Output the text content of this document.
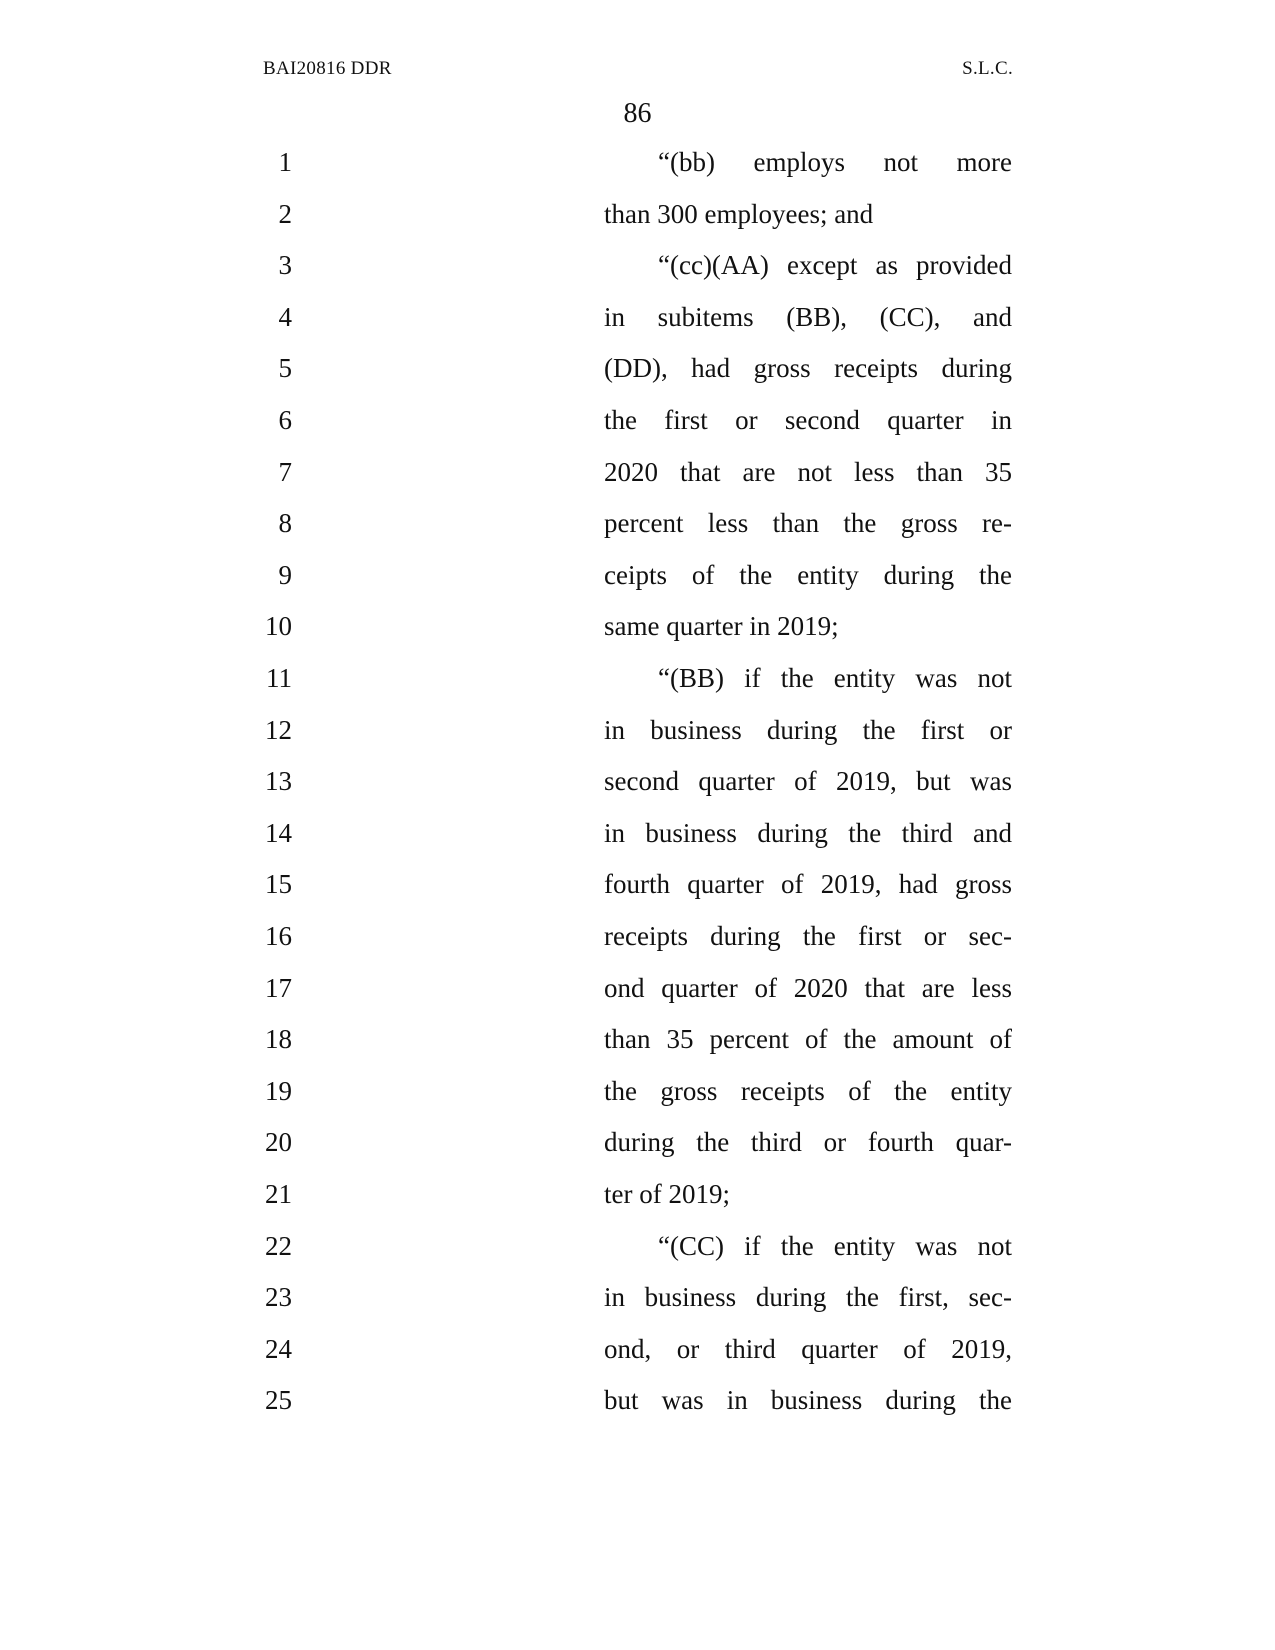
BAI20816 DDR	S.L.C.
86
1	“(bb) employs not more
2	than 300 employees; and
3	“(cc)(AA) except as provided
4	in subitems (BB), (CC), and
5	(DD), had gross receipts during
6	the first or second quarter in
7	2020 that are not less than 35
8	percent less than the gross re-
9	ceipts of the entity during the
10	same quarter in 2019;
11	“(BB) if the entity was not
12	in business during the first or
13	second quarter of 2019, but was
14	in business during the third and
15	fourth quarter of 2019, had gross
16	receipts during the first or sec-
17	ond quarter of 2020 that are less
18	than 35 percent of the amount of
19	the gross receipts of the entity
20	during the third or fourth quar-
21	ter of 2019;
22	“(CC) if the entity was not
23	in business during the first, sec-
24	ond, or third quarter of 2019,
25	but was in business during the
